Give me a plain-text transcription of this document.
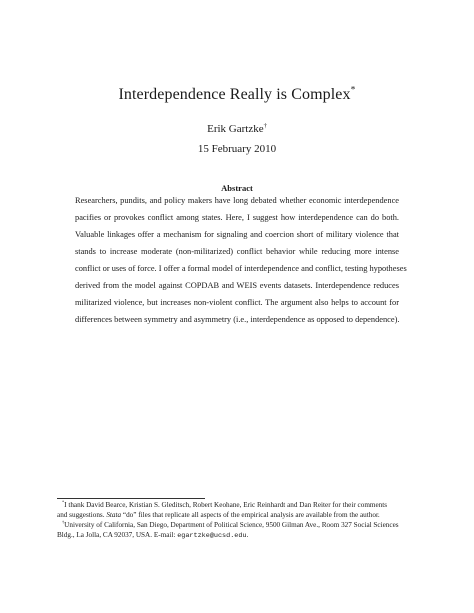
Interdependence Really is Complex*
Erik Gartzke†
15 February 2010
Abstract
Researchers, pundits, and policy makers have long debated whether economic interdependence
pacifies or provokes conflict among states. Here, I suggest how interdependence can do both.
Valuable linkages offer a mechanism for signaling and coercion short of military violence that
stands to increase moderate (non-militarized) conflict behavior while reducing more intense
conflict or uses of force. I offer a formal model of interdependence and conflict, testing hypotheses
derived from the model against COPDAB and WEIS events datasets. Interdependence reduces
militarized violence, but increases non-violent conflict. The argument also helps to account for
differences between symmetry and asymmetry (i.e., interdependence as opposed to dependence).
*I thank David Bearce, Kristian S. Gleditsch, Robert Keohane, Eric Reinhardt and Dan Reiter for their comments
and suggestions. Stata “do” files that replicate all aspects of the empirical analysis are available from the author.
†University of California, San Diego, Department of Political Science, 9500 Gilman Ave., Room 327 Social Sciences
Bldg., La Jolla, CA 92037, USA. E-mail: egartzke@ucsd.edu.
